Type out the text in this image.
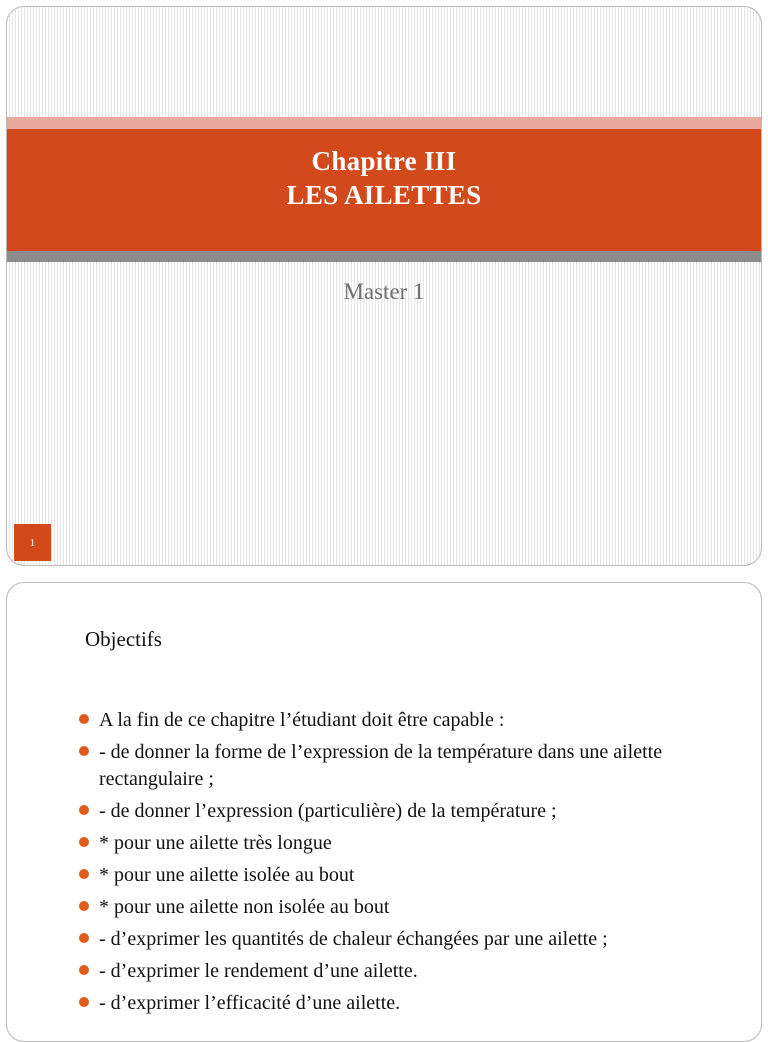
Chapitre III
LES AILETTES
Master 1
1
Objectifs
A la fin de ce chapitre l’étudiant doit être capable :
- de donner la forme de l’expression de la température dans une ailette rectangulaire ;
- de donner l’expression (particulière) de la température ;
* pour une ailette très longue
* pour une ailette isolée au bout
* pour une ailette non isolée au bout
- d’exprimer les quantités de chaleur échangées par une ailette ;
- d’exprimer le rendement d’une ailette.
- d’exprimer l’efficacité d’une ailette.
